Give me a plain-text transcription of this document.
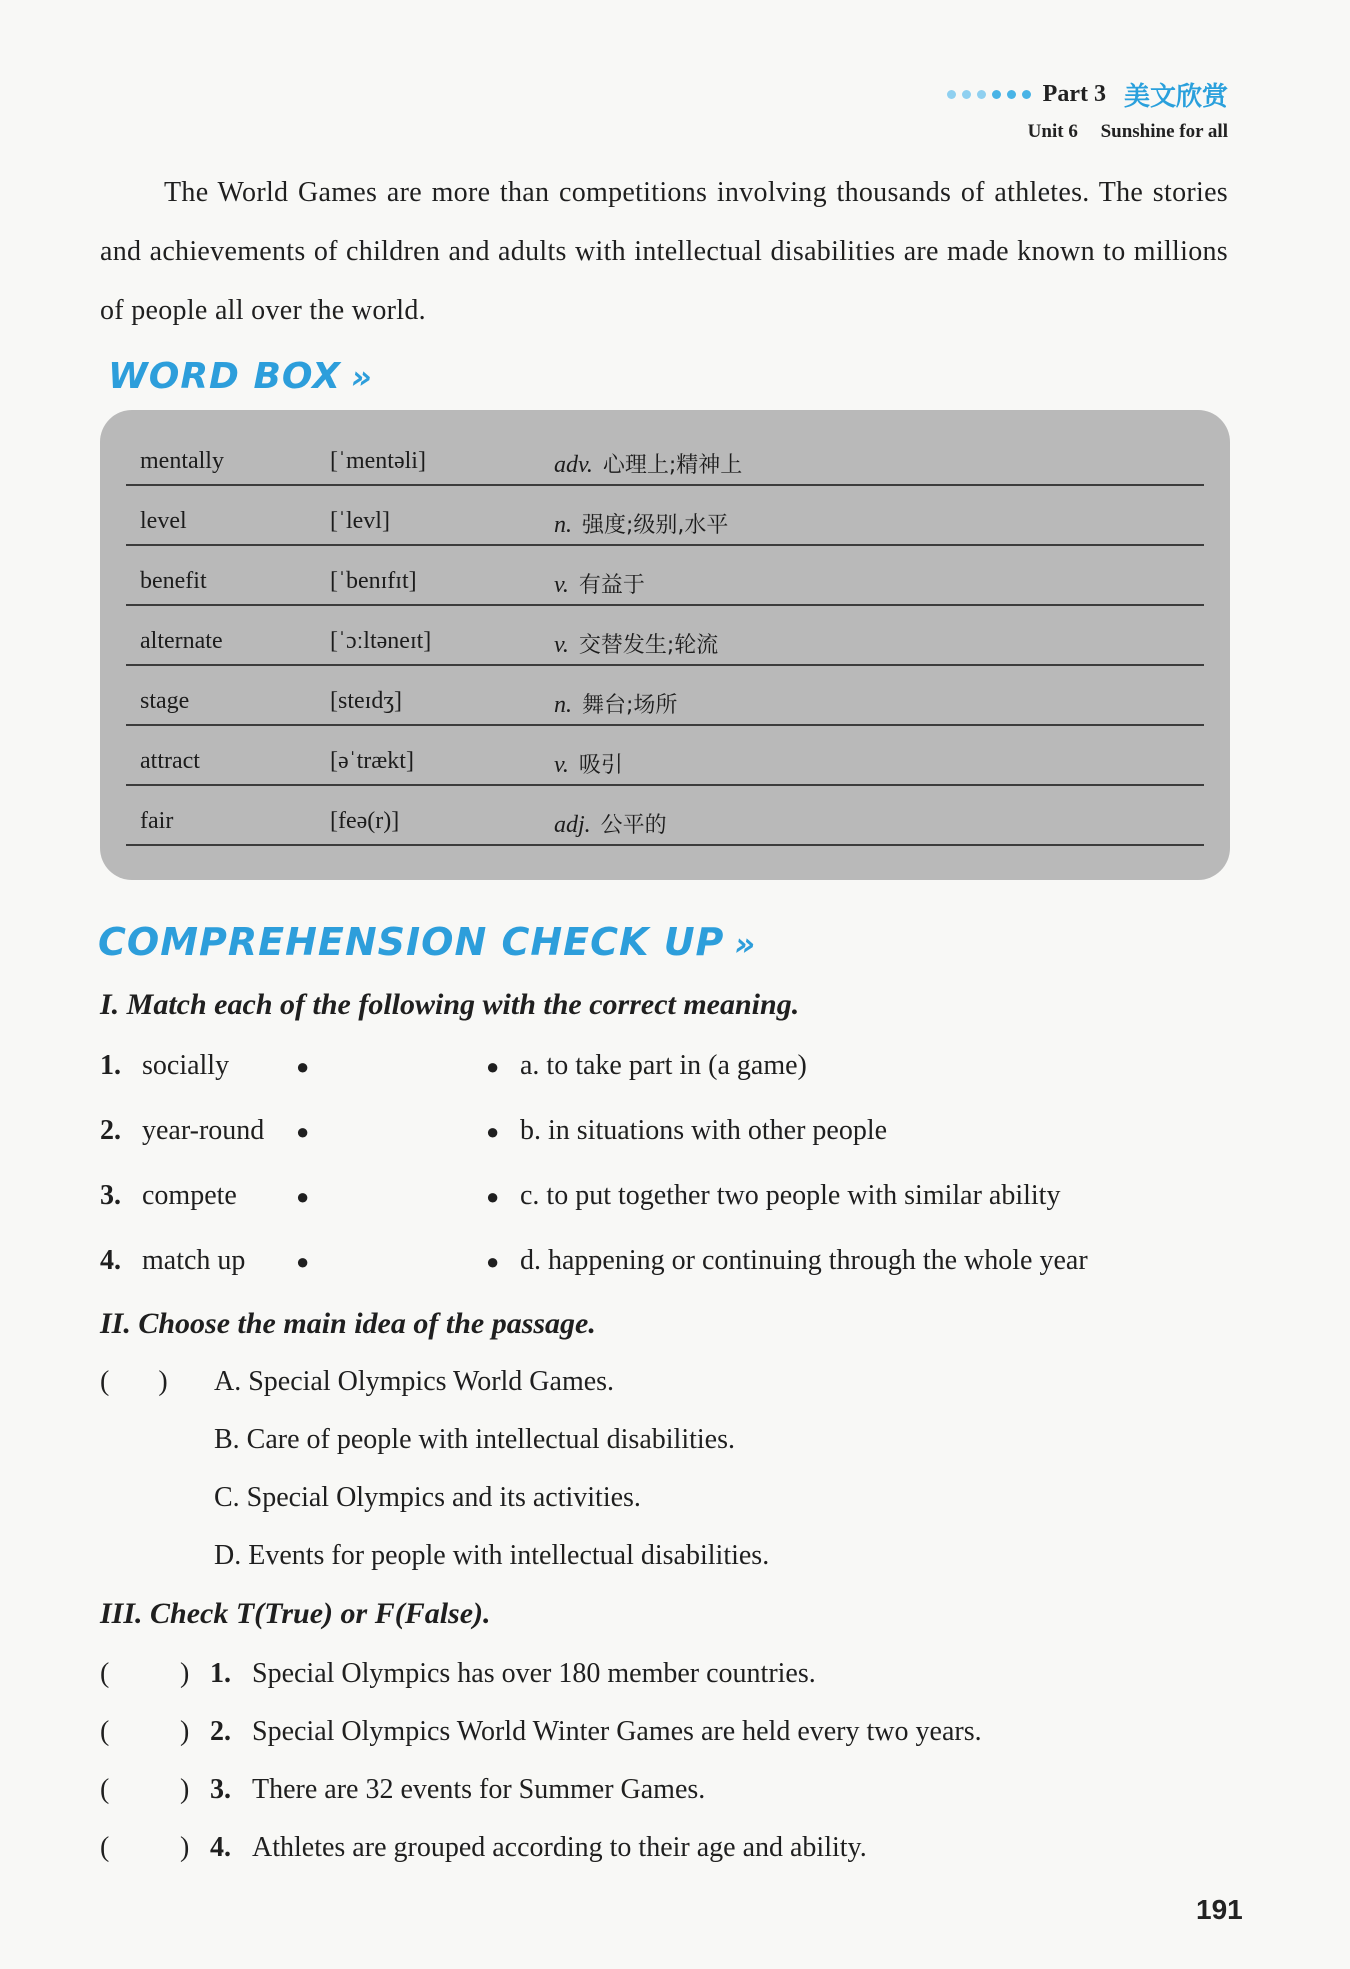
Part 3 美文欣赏
Unit 6 Sunshine for all

The World Games are more than competitions involving thousands of athletes. The stories and achievements of children and adults with intellectual disabilities are made known to millions of people all over the world.

WORD BOX »
mentally	[ˈmentəli]	adv. 心理上;精神上
level	[ˈlevl]	n. 强度;级别,水平
benefit	[ˈbenɪfɪt]	v. 有益于
alternate	[ˈɔːltəneɪt]	v. 交替发生;轮流
stage	[steɪdʒ]	n. 舞台;场所
attract	[əˈtrækt]	v. 吸引
fair	[feə(r)]	adj. 公平的
COMPREHENSION CHECK UP »
I. Match each of the following with the correct meaning.
1. socially	●	● a. to take part in (a game)
2. year-round ●	● b. in situations with other people
3. compete	●	● c. to put together two people with similar ability
4. match up ●	● d. happening or continuing through the whole year
II. Choose the main idea of the passage.
(       ) A. Special Olympics World Games.
B. Care of people with intellectual disabilities.
C. Special Olympics and its activities.
D. Events for people with intellectual disabilities.
III. Check T(True) or F(False).
(	) 1. Special Olympics has over 180 member countries.
(	) 2. Special Olympics World Winter Games are held every two years.
(	) 3. There are 32 events for Summer Games.
(	) 4. Athletes are grouped according to their age and ability.
191
